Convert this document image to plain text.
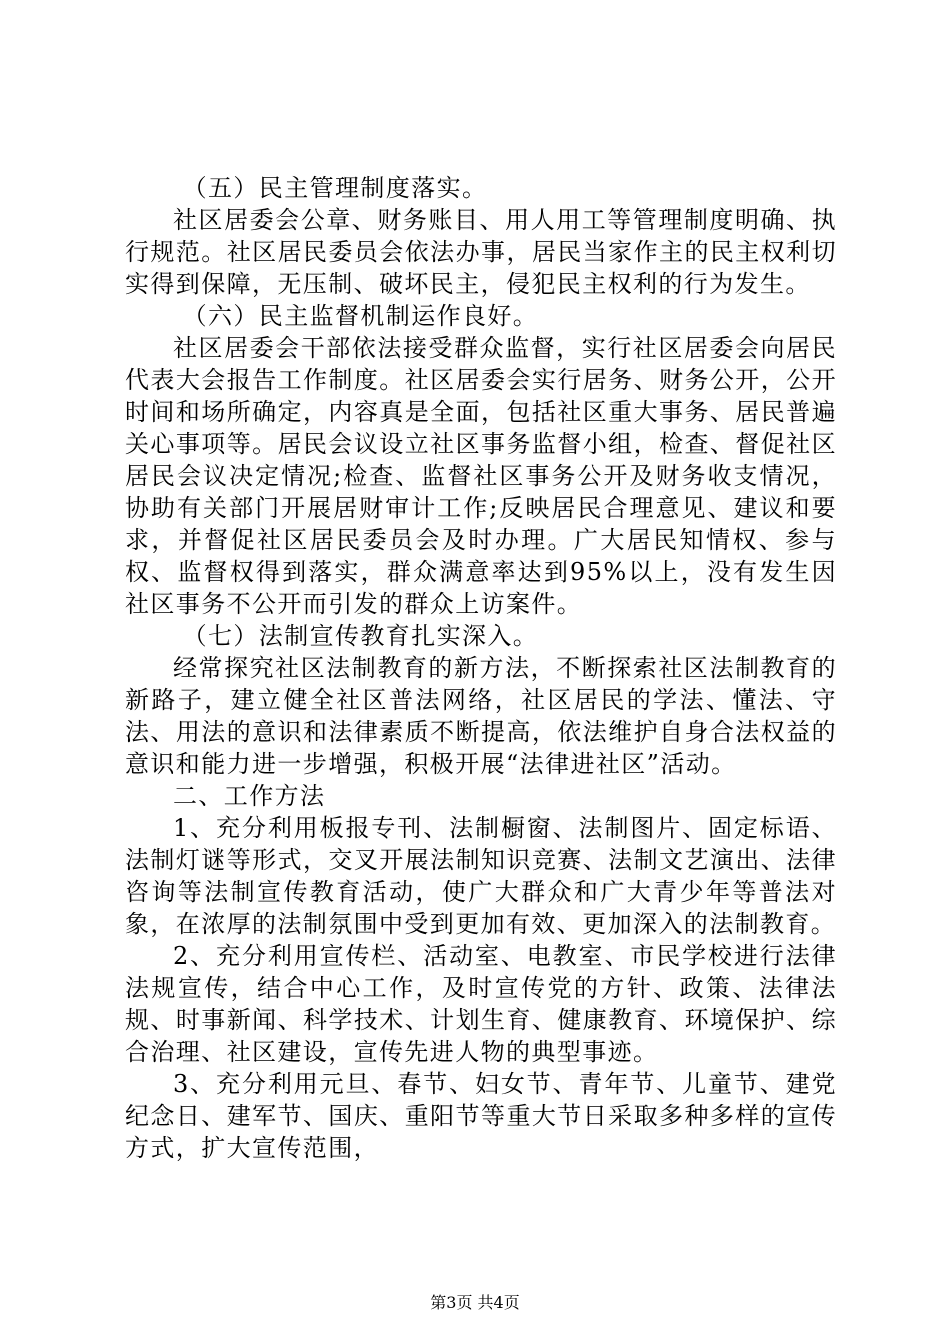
（五）民主管理制度落实。

社区居委会公章、财务账目、用人用工等管理制度明确、执行规范。社区居民委员会依法办事，居民当家作主的民主权利切实得到保障，无压制、破坏民主，侵犯民主权利的行为发生。

（六）民主监督机制运作良好。

社区居委会干部依法接受群众监督，实行社区居委会向居民代表大会报告工作制度。社区居委会实行居务、财务公开，公开时间和场所确定，内容真是全面，包括社区重大事务、居民普遍关心事项等。居民会议设立社区事务监督小组，检查、督促社区居民会议决定情况;检查、监督社区事务公开及财务收支情况，协助有关部门开展居财审计工作;反映居民合理意见、建议和要求，并督促社区居民委员会及时办理。广大居民知情权、参与权、监督权得到落实，群众满意率达到95%以上，没有发生因社区事务不公开而引发的群众上访案件。

（七）法制宣传教育扎实深入。

经常探究社区法制教育的新方法，不断探索社区法制教育的新路子，建立健全社区普法网络，社区居民的学法、懂法、守法、用法的意识和法律素质不断提高，依法维护自身合法权益的意识和能力进一步增强，积极开展“法律进社区”活动。

二、工作方法

1、充分利用板报专刊、法制橱窗、法制图片、固定标语、法制灯谜等形式，交叉开展法制知识竞赛、法制文艺演出、法律咨询等法制宣传教育活动，使广大群众和广大青少年等普法对象，在浓厚的法制氛围中受到更加有效、更加深入的法制教育。

2、充分利用宣传栏、活动室、电教室、市民学校进行法律法规宣传，结合中心工作，及时宣传党的方针、政策、法律法规、时事新闻、科学技术、计划生育、健康教育、环境保护、综合治理、社区建设，宣传先进人物的典型事迹。

3、充分利用元旦、春节、妇女节、青年节、儿童节、建党纪念日、建军节、国庆、重阳节等重大节日采取多种多样的宣传方式，扩大宣传范围，

第3页 共4页
